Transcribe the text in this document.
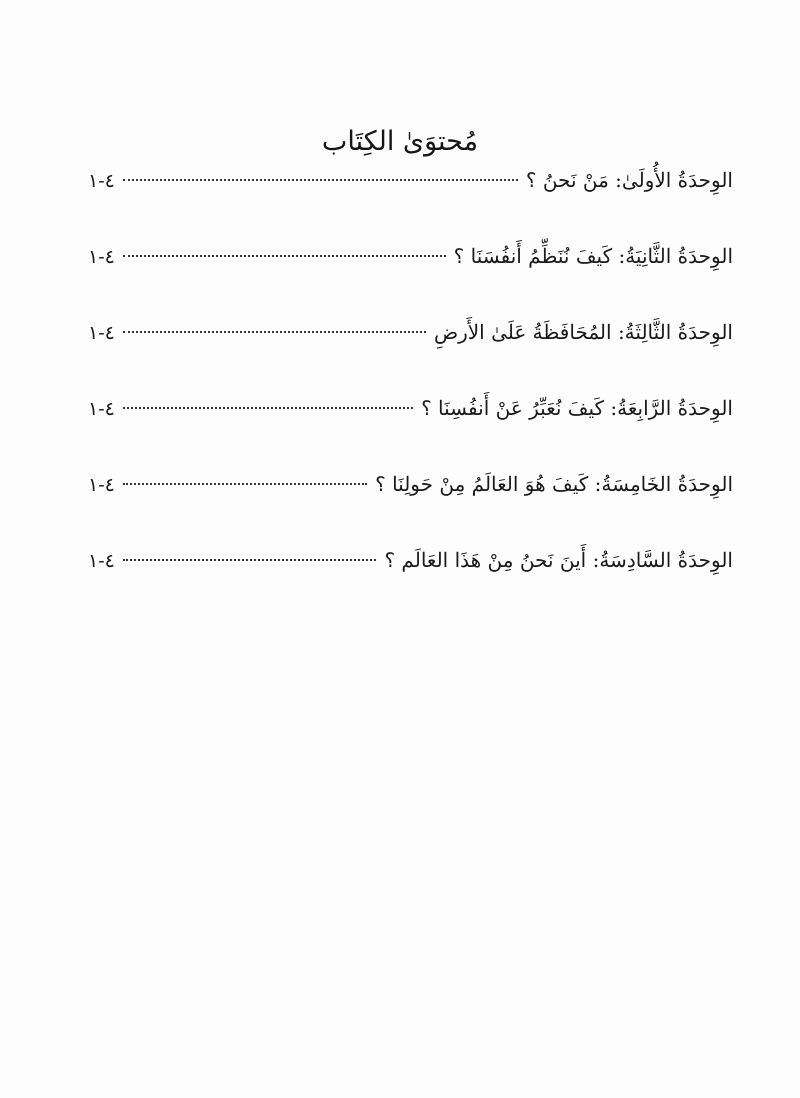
مُحتوَىٰ الكِتَاب
الوِحدَةُ الأُولَىٰ: مَنْ نَحنُ ؟
٤-١
الوِحدَةُ الثَّانِيَةُ: كَيفَ نُنَظِّمُ أَنفُسَنَا ؟
٤-١
الوِحدَةُ الثَّالِثَةُ: المُحَافَظَةُ عَلَىٰ الأَرضِ
٤-١
الوِحدَةُ الرَّابِعَةُ: كَيفَ نُعَبِّرُ عَنْ أَنفُسِنَا ؟
٤-١
الوِحدَةُ الخَامِسَةُ: كَيفَ هُوَ العَالَمُ مِنْ حَولِنَا ؟
٤-١
الوِحدَةُ السَّادِسَةُ: أَينَ نَحنُ مِنْ هَذَا العَالَم ؟
٤-١
